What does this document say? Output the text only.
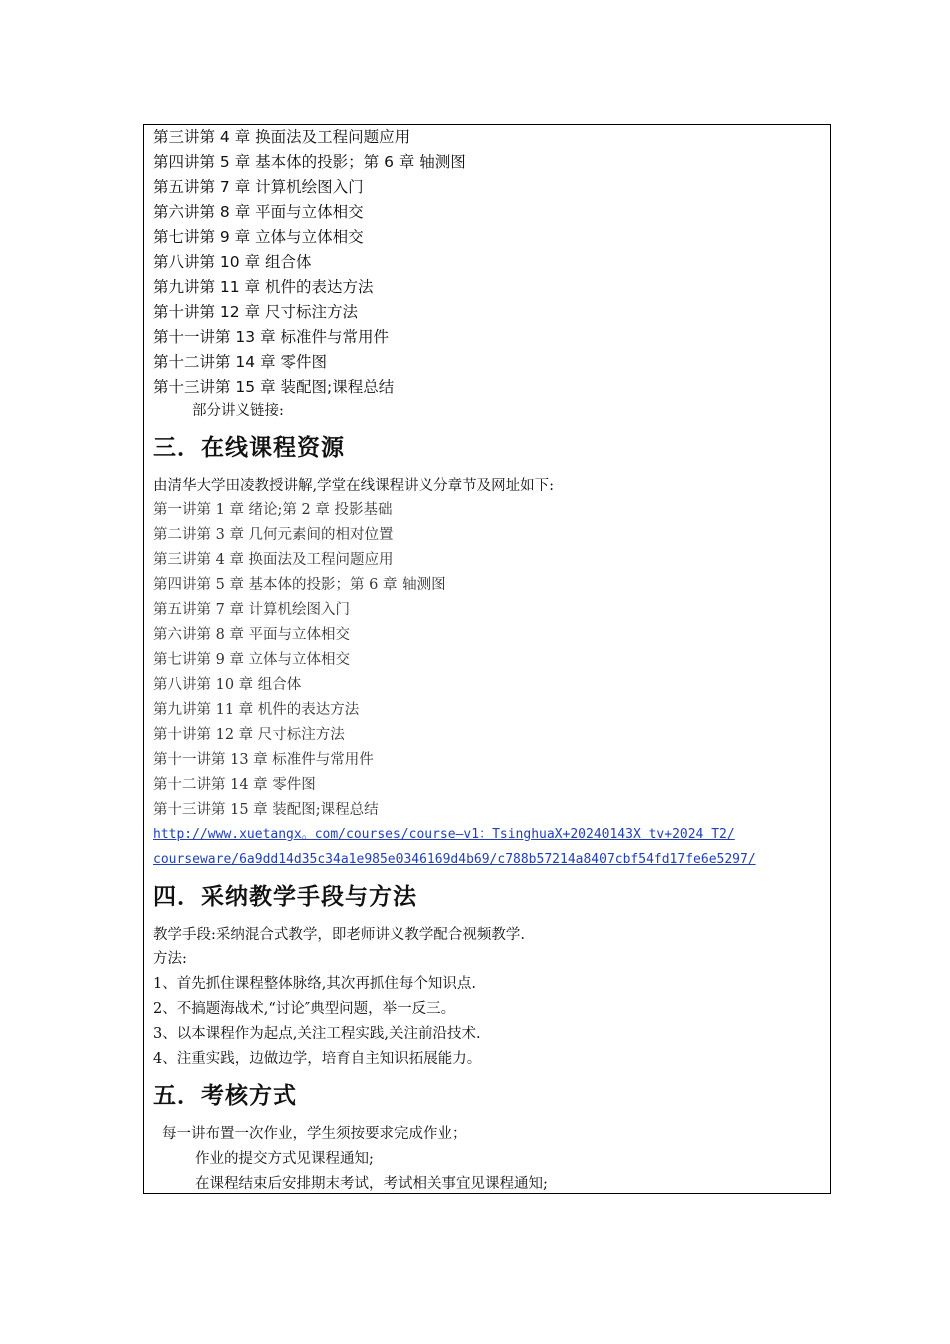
第三讲第 4 章 换面法及工程问题应用
第四讲第 5 章 基本体的投影；第 6 章 轴测图
第五讲第 7 章 计算机绘图入门
第六讲第 8 章 平面与立体相交
第七讲第 9 章 立体与立体相交
第八讲第 10 章 组合体
第九讲第 11 章 机件的表达方法
第十讲第 12 章 尺寸标注方法
第十一讲第 13 章 标准件与常用件
第十二讲第 14 章 零件图
第十三讲第 15 章 装配图;课程总结
部分讲义链接:
三．在线课程资源
由清华大学田凌教授讲解,学堂在线课程讲义分章节及网址如下:
第一讲第 1 章 绪论;第 2 章 投影基础
第二讲第 3 章 几何元素间的相对位置
第三讲第 4 章 换面法及工程问题应用
第四讲第 5 章 基本体的投影；第 6 章 轴测图
第五讲第 7 章 计算机绘图入门
第六讲第 8 章 平面与立体相交
第七讲第 9 章 立体与立体相交
第八讲第 10 章 组合体
第九讲第 11 章 机件的表达方法
第十讲第 12 章 尺寸标注方法
第十一讲第 13 章 标准件与常用件
第十二讲第 14 章 零件图
第十三讲第 15 章 装配图;课程总结
http://www.xuetangx。com/courses/course—v1：TsinghuaX+20240143X tv+2024 T2/
courseware/6a9dd14d35c34a1e985e0346169d4b69/c788b57214a8407cbf54fd17fe6e5297/
四．采纳教学手段与方法
教学手段:采纳混合式教学，即老师讲义教学配合视频教学.
方法:
1、首先抓住课程整体脉络,其次再抓住每个知识点.
2、不搞题海战术,“讨论″典型问题，举一反三。
3、以本课程作为起点,关注工程实践,关注前沿技术.
4、注重实践，边做边学，培育自主知识拓展能力。
五．考核方式
每一讲布置一次作业，学生须按要求完成作业；
作业的提交方式见课程通知;
在课程结束后安排期末考试，考试相关事宜见课程通知;
